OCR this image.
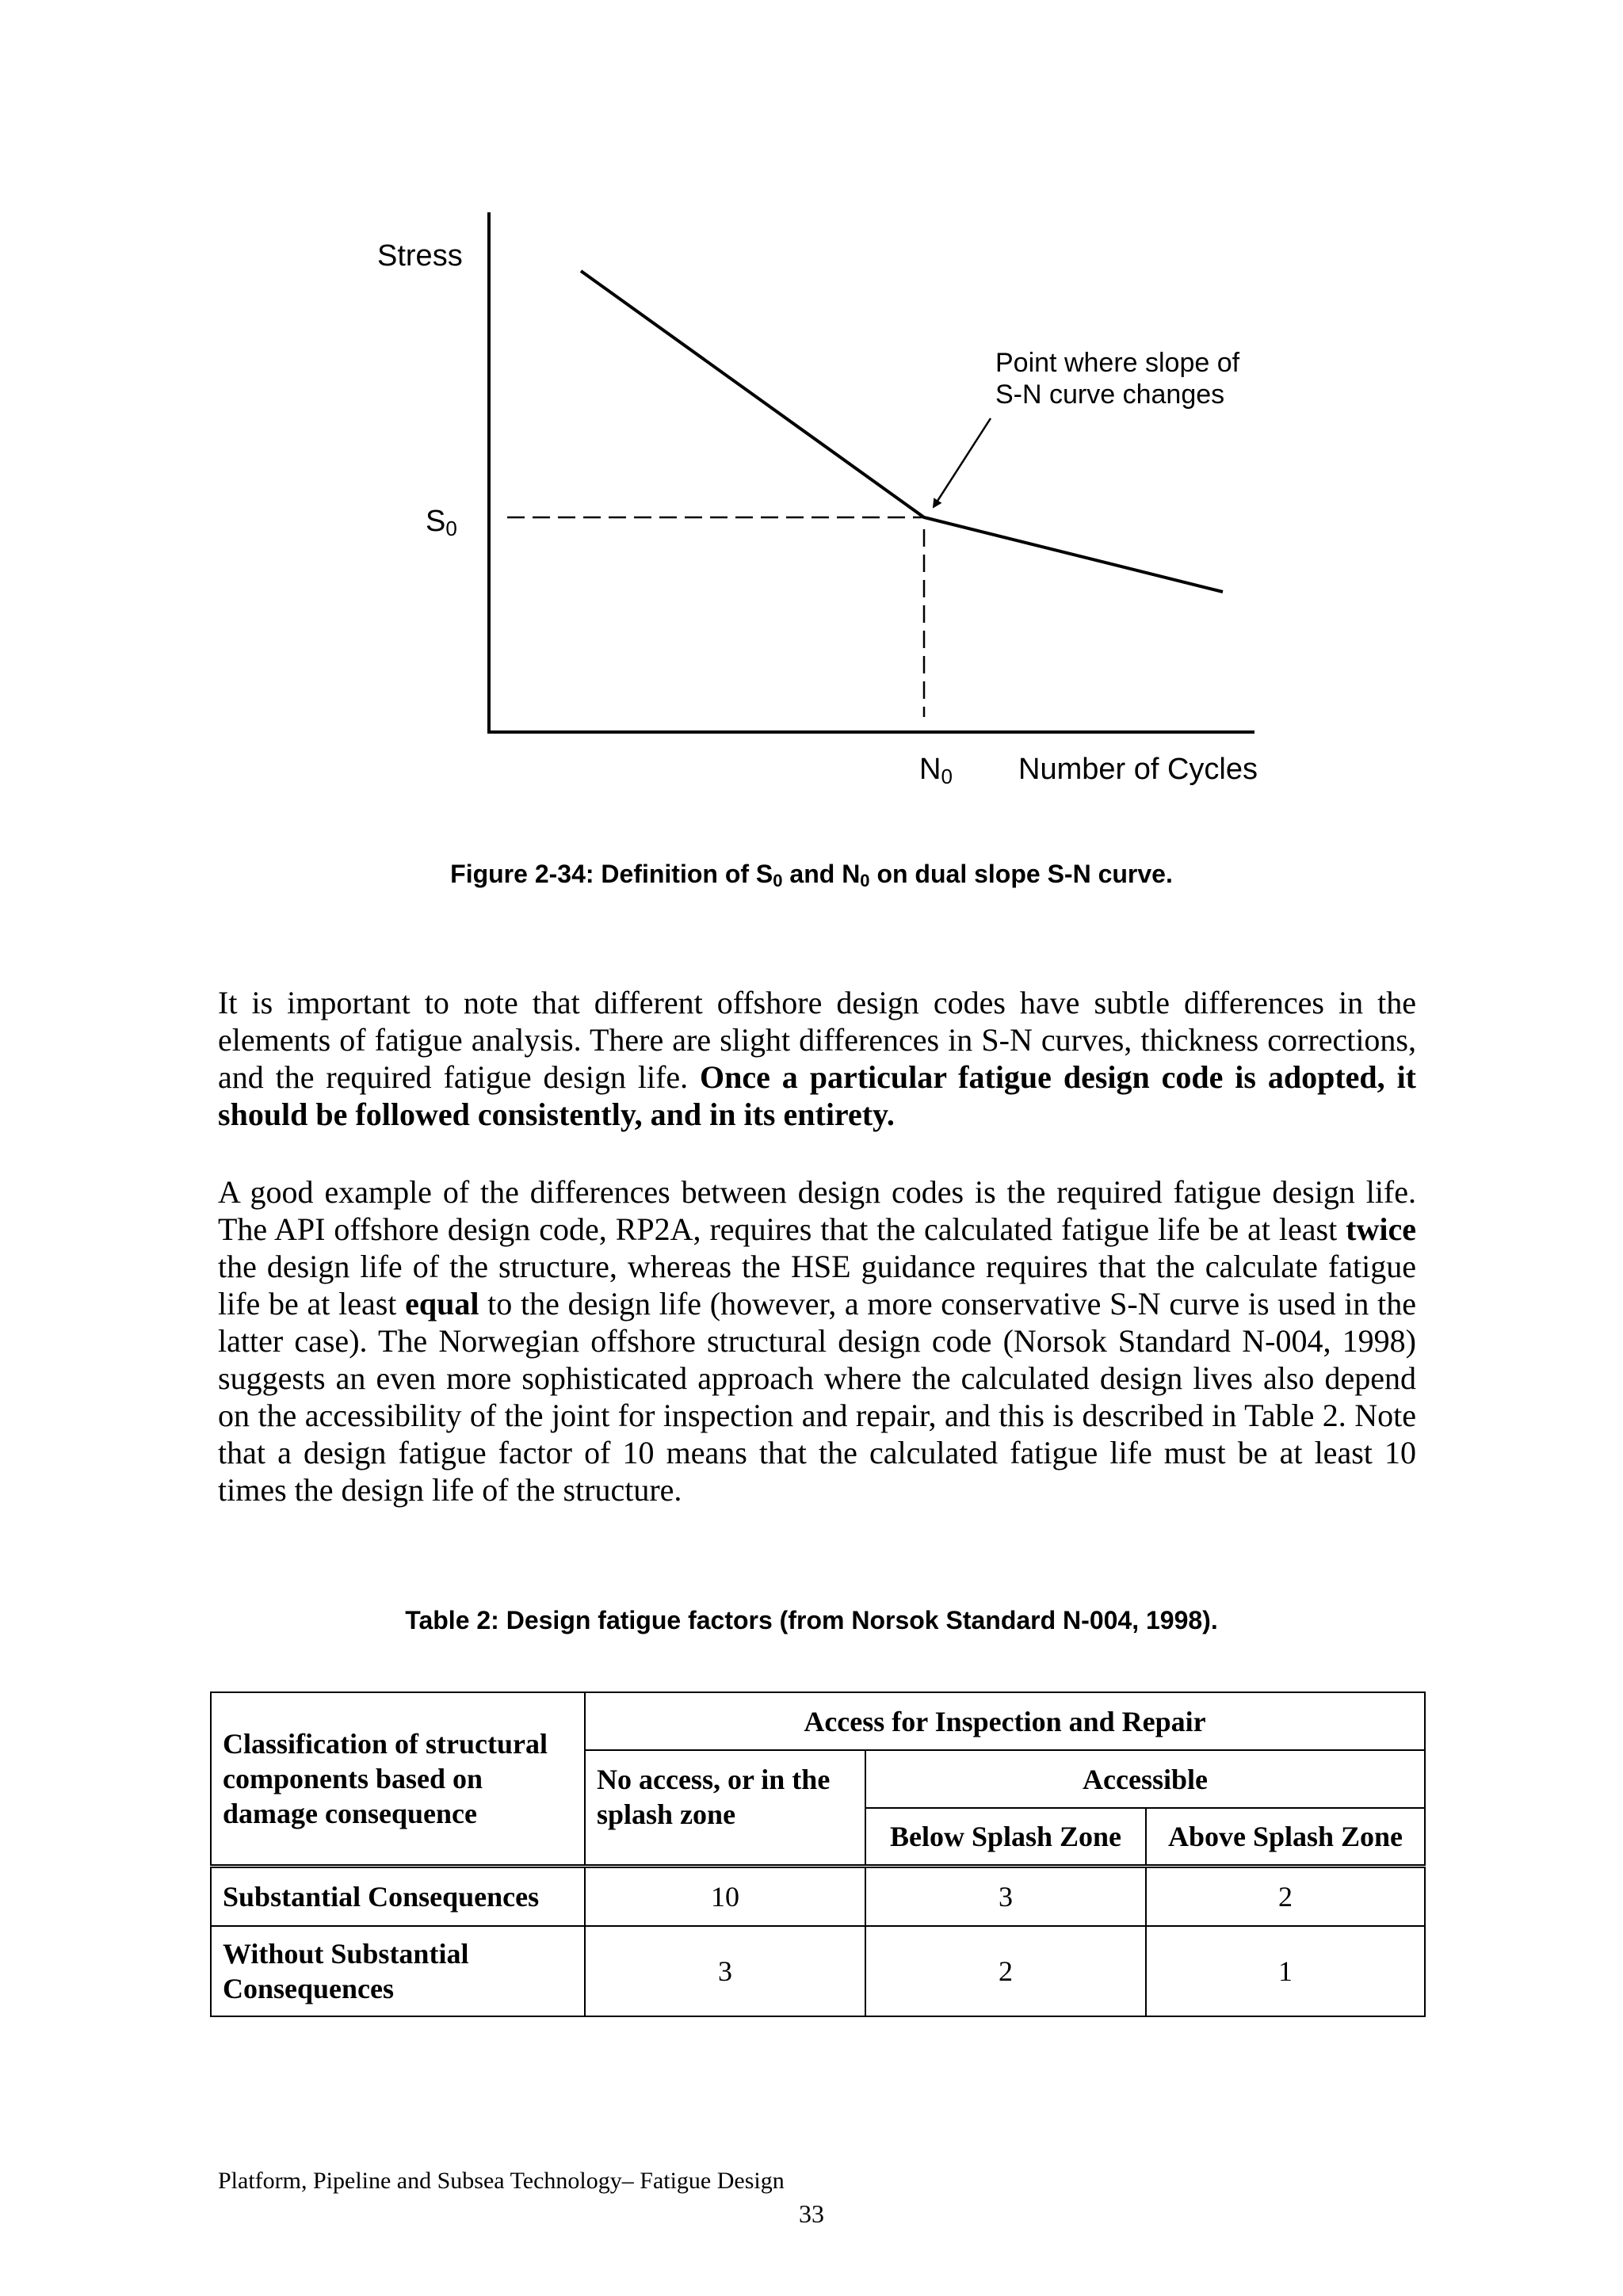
Stress
Number of Cycles
S0
N0
Point where slope of
S-N curve changes
Figure 2-34: Definition of $S_0$ and $N_0$ on dual slope S-N curve.

It is important to note that different offshore design codes have subtle differences in the elements of fatigue analysis. There are slight differences in S-N curves, thickness corrections, and the required fatigue design life. Once a particular fatigue design code is adopted, it should be followed consistently, and in its entirety.

A good example of the differences between design codes is the required fatigue design life. The API offshore design code, RP2A, requires that the calculated fatigue life be at least twice the design life of the structure, whereas the HSE guidance requires that the calculate fatigue life be at least equal to the design life (however, a more conservative S-N curve is used in the latter case). The Norwegian offshore structural design code (Norsok Standard N-004, 1998) suggests an even more sophisticated approach where the calculated design lives also depend on the accessibility of the joint for inspection and repair, and this is described in Table 2. Note that a design fatigue factor of 10 means that the calculated fatigue life must be at least 10 times the design life of the structure.

Table 2: Design fatigue factors (from Norsok Standard N-004, 1998).
Classification of structural components based on damage consequence	Access for Inspection and Repair		
	No access, or in the splash zone	Accessible	
		Below Splash Zone	Above Splash Zone
Substantial Consequences	10	3	2
Without Substantial Consequences	3	2	1
Platform, Pipeline and Subsea Technology– Fatigue Design
33
